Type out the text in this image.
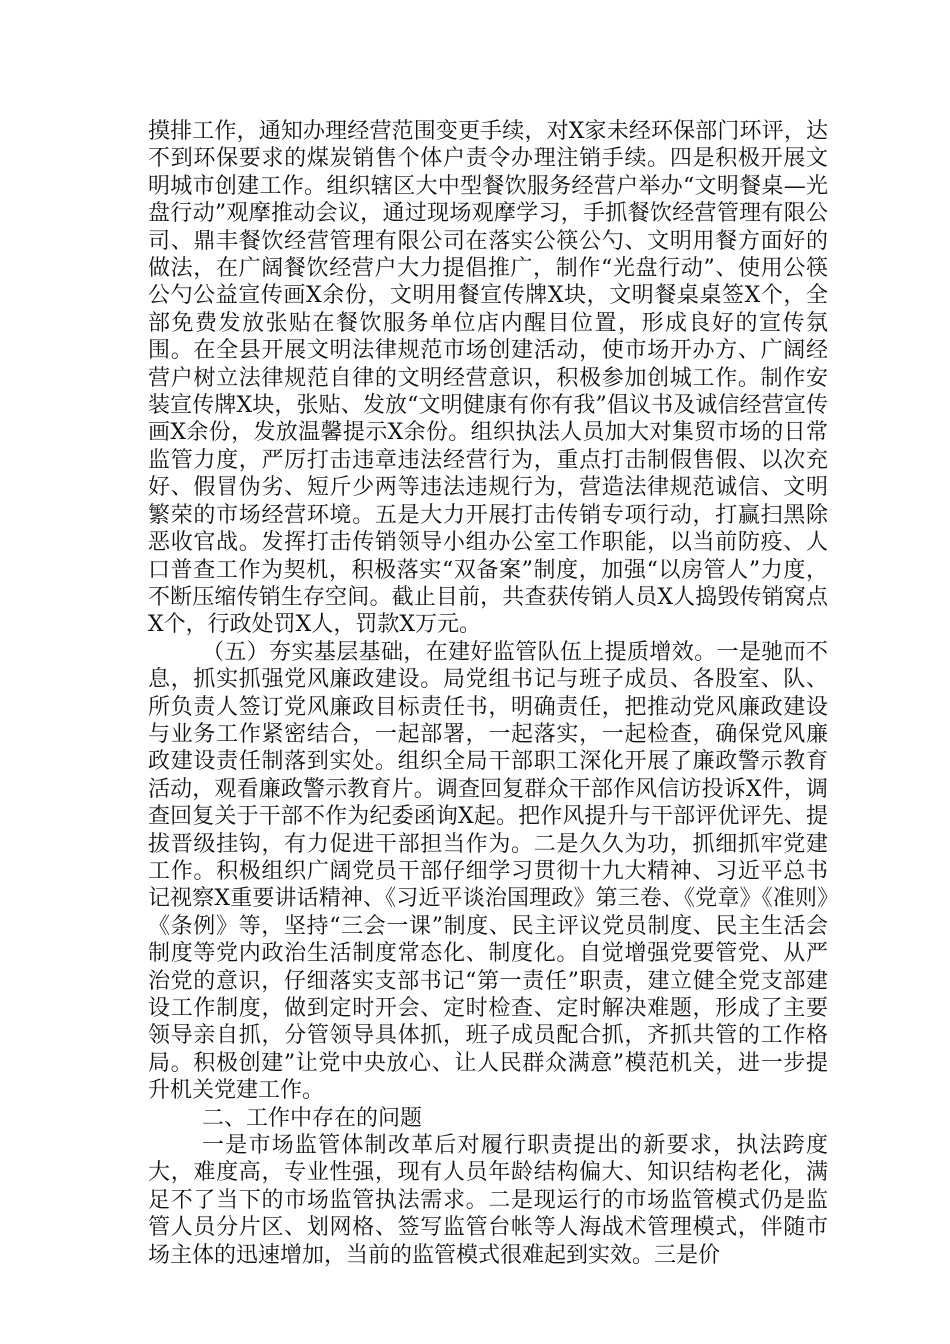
摸排工作，通知办理经营范围变更手续，对X家未经环保部门环评，达不到环保要求的煤炭销售个体户责令办理注销手续。四是积极开展文明城市创建工作。组织辖区大中型餐饮服务经营户举办“文明餐桌—光盘行动”观摩推动会议，通过现场观摩学习，手抓餐饮经营管理有限公司、鼎丰餐饮经营管理有限公司在落实公筷公勺、文明用餐方面好的做法，在广阔餐饮经营户大力提倡推广，制作“光盘行动”、使用公筷公勺公益宣传画X余份，文明用餐宣传牌X块，文明餐桌桌签X个，全部免费发放张贴在餐饮服务单位店内醒目位置，形成良好的宣传氛围。在全县开展文明法律规范市场创建活动，使市场开办方、广阔经营户树立法律规范自律的文明经营意识，积极参加创城工作。制作安装宣传牌X块，张贴、发放“文明健康有你有我”倡议书及诚信经营宣传画X余份，发放温馨提示X余份。组织执法人员加大对集贸市场的日常监管力度，严厉打击违章违法经营行为，重点打击制假售假、以次充好、假冒伪劣、短斤少两等违法违规行为，营造法律规范诚信、文明繁荣的市场经营环境。五是大力开展打击传销专项行动，打赢扫黑除恶收官战。发挥打击传销领导小组办公室工作职能，以当前防疫、人口普查工作为契机，积极落实“双备案”制度，加强“以房管人”力度，不断压缩传销生存空间。截止目前，共查获传销人员X人捣毁传销窝点X个，行政处罚X人，罚款X万元。

（五）夯实基层基础，在建好监管队伍上提质增效。一是驰而不息，抓实抓强党风廉政建设。局党组书记与班子成员、各股室、队、所负责人签订党风廉政目标责任书，明确责任，把推动党风廉政建设与业务工作紧密结合，一起部署，一起落实，一起检查，确保党风廉政建设责任制落到实处。组织全局干部职工深化开展了廉政警示教育活动，观看廉政警示教育片。调查回复群众干部作风信访投诉X件，调查回复关于干部不作为纪委函询X起。把作风提升与干部评优评先、提拔晋级挂钩，有力促进干部担当作为。二是久久为功，抓细抓牢党建工作。积极组织广阔党员干部仔细学习贯彻十九大精神、习近平总书记视察X重要讲话精神、《习近平谈治国理政》第三卷、《党章》《准则》《条例》等，坚持“三会一课”制度、民主评议党员制度、民主生活会制度等党内政治生活制度常态化、制度化。自觉增强党要管党、从严治党的意识，仔细落实支部书记“第一责任”职责，建立健全党支部建设工作制度，做到定时开会、定时检查、定时解决难题，形成了主要领导亲自抓，分管领导具体抓，班子成员配合抓，齐抓共管的工作格局。积极创建”让党中央放心、让人民群众满意”模范机关，进一步提升机关党建工作。

二、工作中存在的问题

一是市场监管体制改革后对履行职责提出的新要求，执法跨度大，难度高，专业性强，现有人员年龄结构偏大、知识结构老化，满足不了当下的市场监管执法需求。二是现运行的市场监管模式仍是监管人员分片区、划网格、签写监管台帐等人海战术管理模式，伴随市场主体的迅速增加，当前的监管模式很难起到实效。三是价
